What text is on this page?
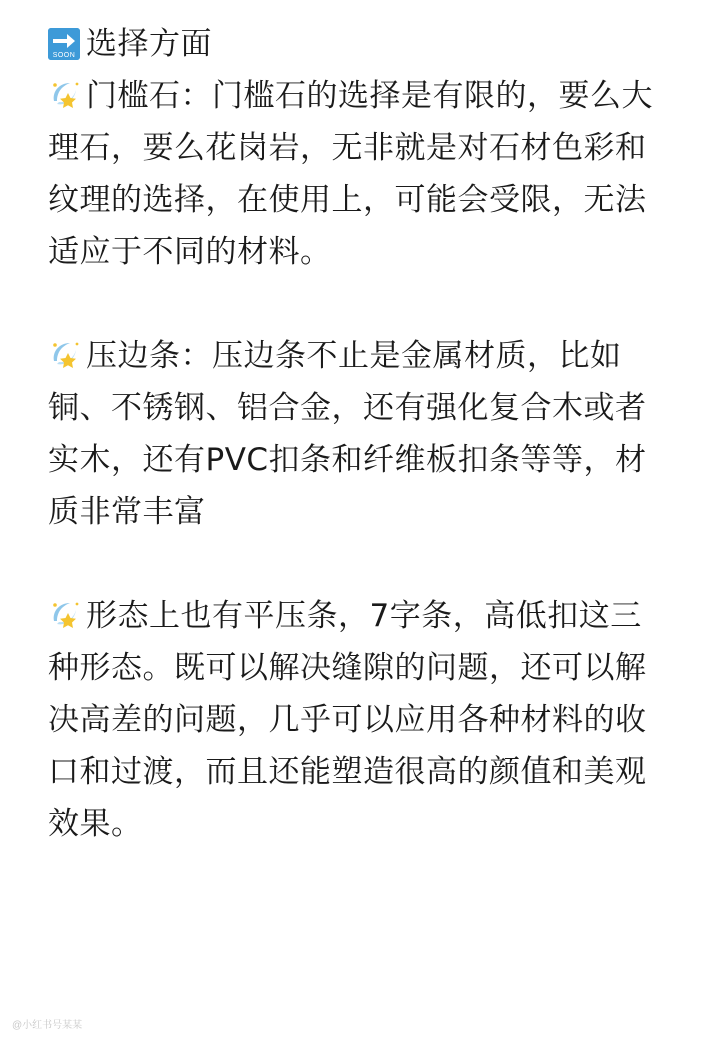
SOON 选择方面
门槛石：门槛石的选择是有限的，要么大
理石，要么花岗岩，无非就是对石材色彩和
纹理的选择，在使用上，可能会受限，无法
适应于不同的材料。
压边条：压边条不止是金属材质，比如
铜、不锈钢、铝合金，还有强化复合木或者
实木，还有PVC扣条和纤维板扣条等等，材
质非常丰富
形态上也有平压条，7字条，高低扣这三
种形态。既可以解决缝隙的问题，还可以解
决高差的问题，几乎可以应用各种材料的收
口和过渡，而且还能塑造很高的颜值和美观
效果。
@小红书号某某
